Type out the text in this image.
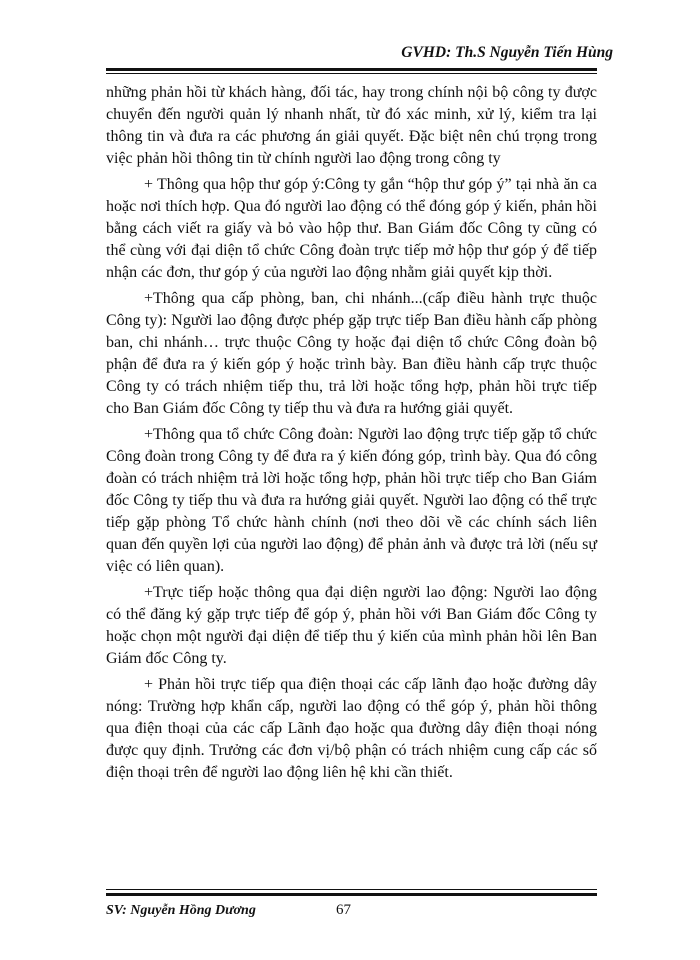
GVHD: Th.S Nguyễn Tiến Hùng

những phản hồi từ khách hàng, đối tác, hay trong chính nội bộ công ty được chuyển đến người quản lý nhanh nhất, từ đó xác minh, xử lý, kiểm tra lại thông tin và đưa ra các phương án giải quyết. Đặc biệt nên chú trọng trong việc phản hồi thông tin từ chính người lao động trong công ty

+ Thông qua hộp thư góp ý:Công ty gắn “hộp thư góp ý” tại nhà ăn ca hoặc nơi thích hợp. Qua đó người lao động có thể đóng góp ý kiến, phản hồi bằng cách viết ra giấy và bỏ vào hộp thư. Ban Giám đốc Công ty cũng có thể cùng với đại diện tổ chức Công đoàn trực tiếp mở hộp thư góp ý để tiếp nhận các đơn, thư góp ý của người lao động nhằm giải quyết kịp thời.

+Thông qua cấp phòng, ban, chi nhánh...(cấp điều hành trực thuộc Công ty): Người lao động được phép gặp trực tiếp Ban điều hành cấp phòng ban, chi nhánh… trực thuộc Công ty hoặc đại diện tổ chức Công đoàn bộ phận để đưa ra ý kiến góp ý hoặc trình bày. Ban điều hành cấp trực thuộc Công ty có trách nhiệm tiếp thu, trả lời hoặc tổng hợp, phản hồi trực tiếp cho Ban Giám đốc Công ty tiếp thu và đưa ra hướng giải quyết.

+Thông qua tổ chức Công đoàn: Người lao động trực tiếp gặp tổ chức Công đoàn trong Công ty để đưa ra ý kiến đóng góp, trình bày. Qua đó công đoàn có trách nhiệm trả lời hoặc tổng hợp, phản hồi trực tiếp cho Ban Giám đốc Công ty tiếp thu và đưa ra hướng giải quyết. Người lao động có thể trực tiếp gặp phòng Tổ chức hành chính (nơi theo dõi về các chính sách liên quan đến quyền lợi của người lao động) để phản ảnh và được trả lời (nếu sự việc có liên quan).

+Trực tiếp hoặc thông qua đại diện người lao động: Người lao động có thể đăng ký gặp trực tiếp để góp ý, phản hồi với Ban Giám đốc Công ty hoặc chọn một người đại diện để tiếp thu ý kiến của mình phản hồi lên Ban Giám đốc Công ty.

+ Phản hồi trực tiếp qua điện thoại các cấp lãnh đạo hoặc đường dây nóng: Trường hợp khẩn cấp, người lao động có thể góp ý, phản hồi thông qua điện thoại của các cấp Lãnh đạo hoặc qua đường dây điện thoại nóng được quy định. Trưởng các đơn vị/bộ phận có trách nhiệm cung cấp các số điện thoại trên để người lao động liên hệ khi cần thiết.

SV: Nguyễn Hồng Dương	67
